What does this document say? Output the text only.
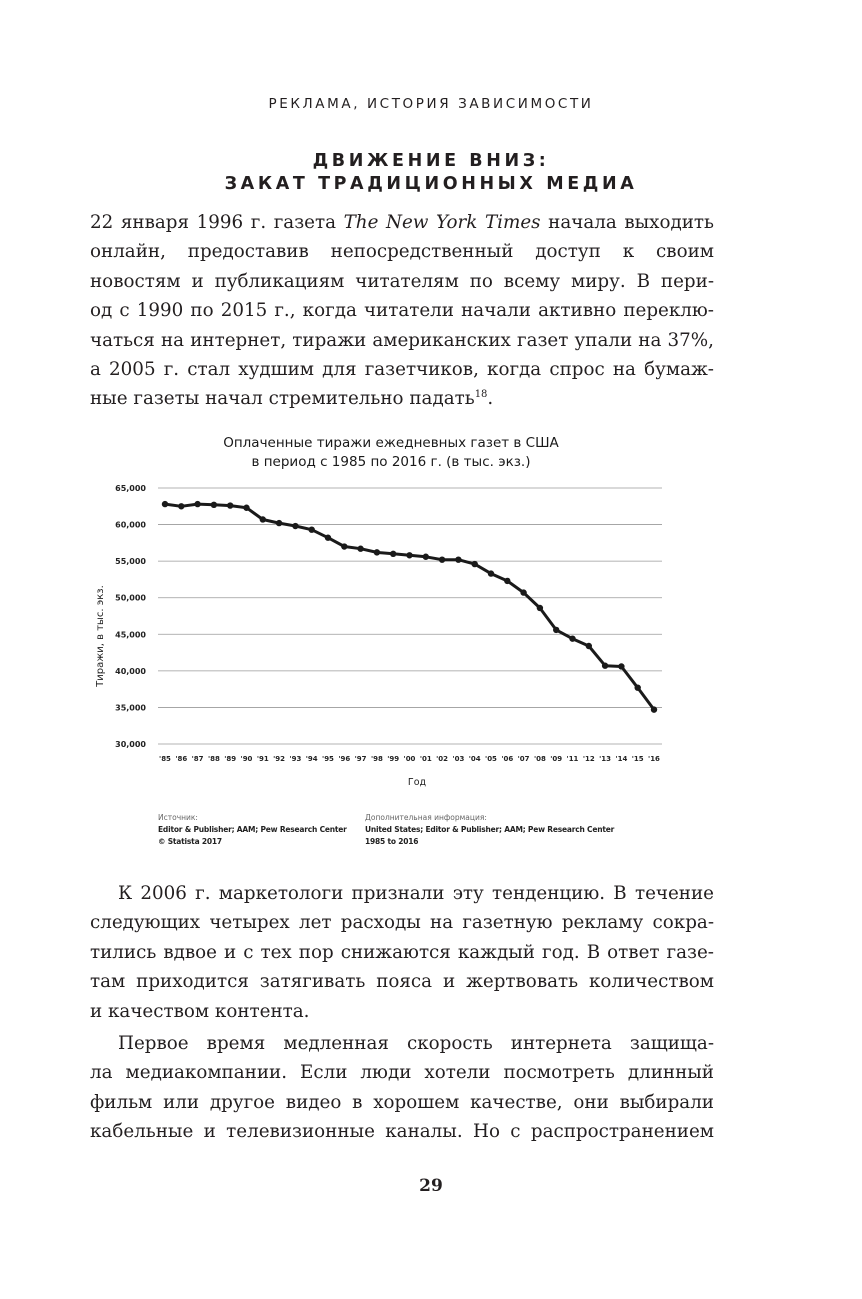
РЕКЛАМА, ИСТОРИЯ ЗАВИСИМОСТИ
ДВИЖЕНИЕ ВНИЗ:
ЗАКАТ ТРАДИЦИОННЫХ МЕДИА
22 января 1996 г. газета The New York Times начала выходить
онлайн, предоставив непосредственный доступ к своим
новостям и публикациям читателям по всему миру. В пери-
од с 1990 по 2015 г., когда читатели начали активно переклю-
чаться на интернет, тиражи американских газет упали на 37%,
а 2005 г. стал худшим для газетчиков, когда спрос на бумаж-
ные газеты начал стремительно падать$^{18}$.
Оплаченные тиражи ежедневных газет в США
в период с 1985 по 2016 г. (в тыс. экз.)
65,000
60,000
55,000
50,000
45,000
40,000
35,000
30,000
Тиражи, в тыс. экз.
'85 '86 '87 '88 '89 '90 '91 '92 '93 '94 '95 '96 '97 '98 '99 '00 '01 '02 '03 '04 '05 '06 '07 '08 '09 '11 '12 '13 '14 '15 '16
Год
Источник:
Editor & Publisher; AAM; Pew Research Center
© Statista 2017
Дополнительная информация:
United States; Editor & Publisher; AAM; Pew Research Center
1985 to 2016
К 2006 г. маркетологи признали эту тенденцию. В течение
следующих четырех лет расходы на газетную рекламу сокра-
тились вдвое и с тех пор снижаются каждый год. В ответ газе-
там приходится затягивать пояса и жертвовать количеством
и качеством контента.
Первое время медленная скорость интернета защища-
ла медиакомпании. Если люди хотели посмотреть длинный
фильм или другое видео в хорошем качестве, они выбирали
кабельные и телевизионные каналы. Но с распространением
29
